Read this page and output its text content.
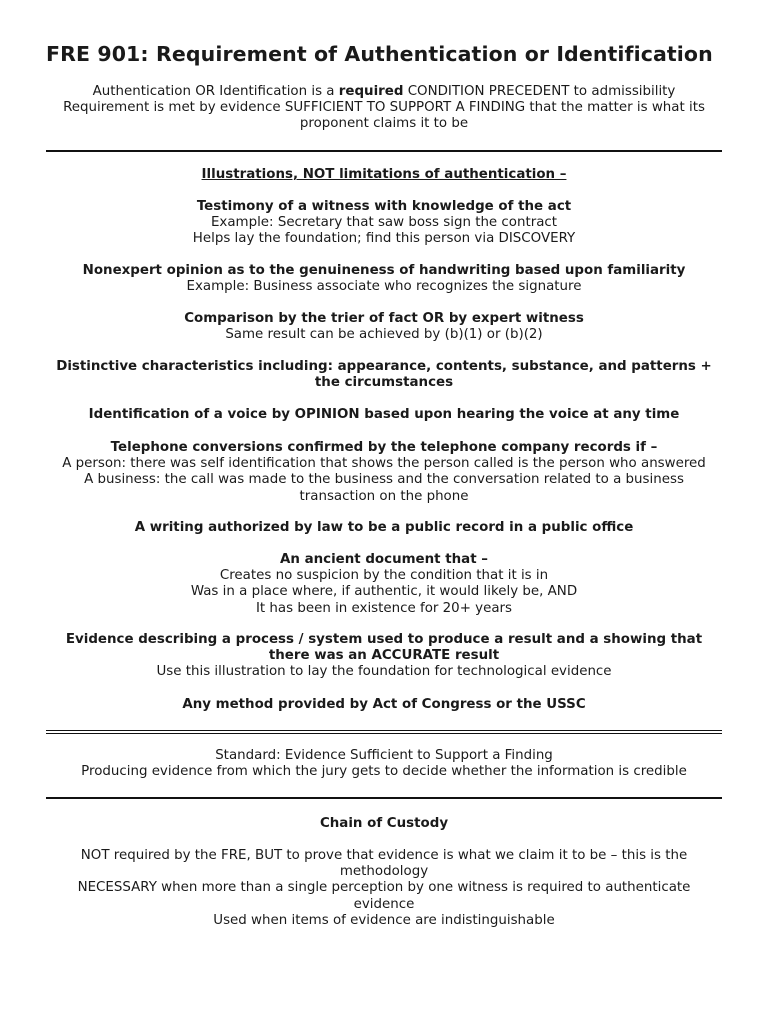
FRE 901: Requirement of Authentication or Identification
Authentication OR Identification is a required CONDITION PRECEDENT to admissibility
Requirement is met by evidence SUFFICIENT TO SUPPORT A FINDING that the matter is what its
proponent claims it to be
Illustrations, NOT limitations of authentication –
Testimony of a witness with knowledge of the act
Example: Secretary that saw boss sign the contract
Helps lay the foundation; find this person via DISCOVERY
Nonexpert opinion as to the genuineness of handwriting based upon familiarity
Example: Business associate who recognizes the signature
Comparison by the trier of fact OR by expert witness
Same result can be achieved by (b)(1) or (b)(2)
Distinctive characteristics including: appearance, contents, substance, and patterns +
the circumstances
Identification of a voice by OPINION based upon hearing the voice at any time
Telephone conversions confirmed by the telephone company records if –
A person: there was self identification that shows the person called is the person who answered
A business: the call was made to the business and the conversation related to a business
transaction on the phone
A writing authorized by law to be a public record in a public office
An ancient document that –
Creates no suspicion by the condition that it is in
Was in a place where, if authentic, it would likely be, AND
It has been in existence for 20+ years
Evidence describing a process / system used to produce a result and a showing that
there was an ACCURATE result
Use this illustration to lay the foundation for technological evidence
Any method provided by Act of Congress or the USSC
Standard: Evidence Sufficient to Support a Finding
Producing evidence from which the jury gets to decide whether the information is credible
Chain of Custody
NOT required by the FRE, BUT to prove that evidence is what we claim it to be – this is the
methodology
NECESSARY when more than a single perception by one witness is required to authenticate
evidence
Used when items of evidence are indistinguishable
